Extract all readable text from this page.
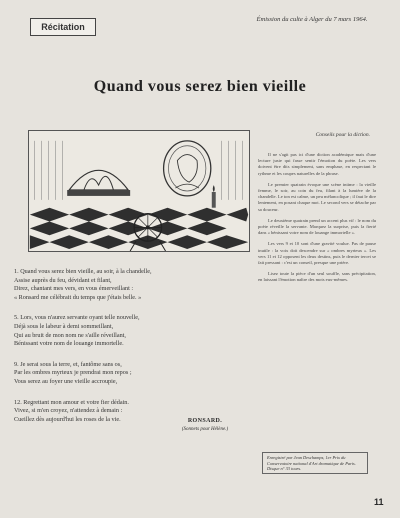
Récitation
Émission du culte à Alger du 7 mars 1964.
Quand vous serez bien vieille
Conseils pour la diction.

Il ne s'agit pas ici d'une diction académique mais d'une lecture juste qui fasse sentir l'émotion du poète. Les vers doivent être dits simplement, sans emphase, en respectant le rythme et les coupes naturelles de la phrase.

Le premier quatrain évoque une scène intime : la vieille femme, le soir, au coin du feu, filant à la lumière de la chandelle. Le ton est calme, un peu mélancolique ; il faut le dire lentement, en posant chaque mot. Le second vers se détache par sa douceur.

Le deuxième quatrain prend un accent plus vif : le nom du poète réveille la servante. Marquez la surprise, puis la fierté dans « bénissant votre nom de louange immortelle ».

Les vers 9 et 10 sont d'une gravité voulue. Pas de pause inutile : la voix doit descendre sur « ombres myrteux ». Les vers 11 et 12 opposent les deux destins, puis le dernier tercet se fait pressant : c'est un conseil, presque une prière.

Lisez toute la pièce d'un seul souffle, sans précipitation, en laissant l'émotion naître des mots eux-mêmes.

1. Quand vous serez bien vieille, au soir, à la chandelle,
Assise auprès du feu, dévidant et filant,
Direz, chantant mes vers, en vous émerveillant :
« Ronsard me célébrait du temps que j'étais belle. »
5. Lors, vous n'aurez servante oyant telle nouvelle,
Déjà sous le labeur à demi sommeillant,
Qui au bruit de mon nom ne s'aille réveillant,
Bénissant votre nom de louange immortelle.
9. Je serai sous la terre, et, fantôme sans os,
Par les ombres myrteux je prendrai mon repos ;
Vous serez au foyer une vieille accroupie,
12. Regrettant mon amour et votre fier dédain.
Vivez, si m'en croyez, n'attendez à demain :
Cueillez dès aujourd'hui les roses de la vie.	RONSARD.
(Sonnets pour Hélène.)
Enregistré par Jean Deschamps, 1er Prix du Conservatoire national d'Art dramatique de Paris. Disque n° 33 tours.
11
